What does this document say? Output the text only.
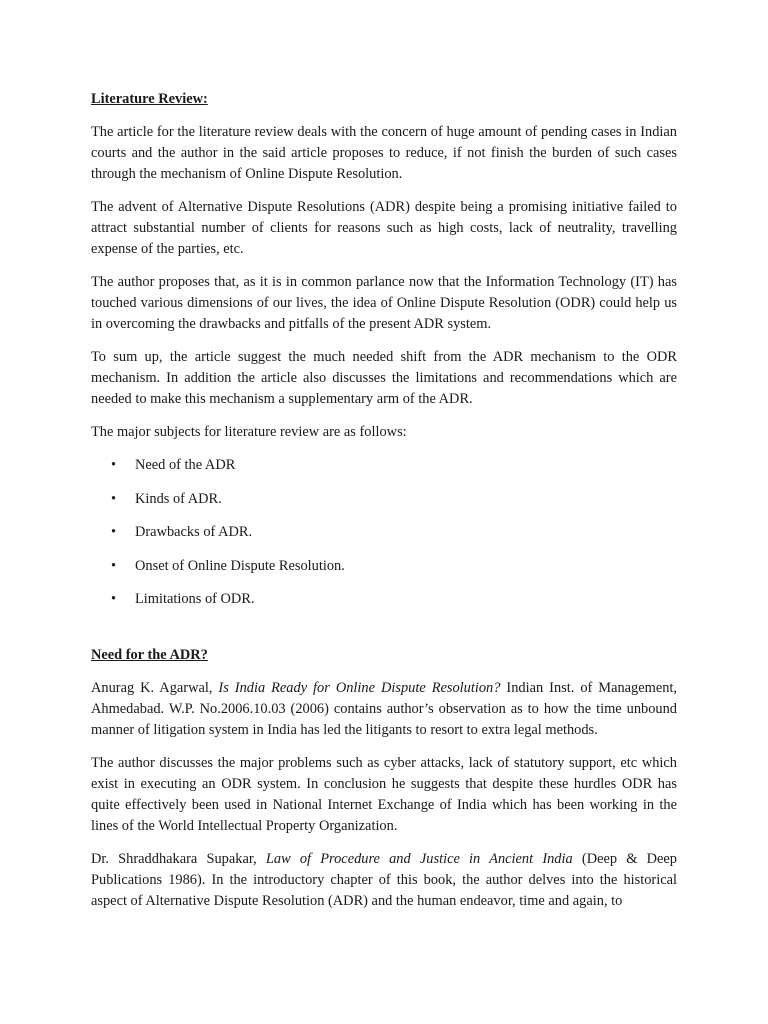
Literature Review:

The article for the literature review deals with the concern of huge amount of pending cases in Indian courts and the author in the said article proposes to reduce, if not finish the burden of such cases through the mechanism of Online Dispute Resolution.

The advent of Alternative Dispute Resolutions (ADR) despite being a promising initiative failed to attract substantial number of clients for reasons such as high costs, lack of neutrality, travelling expense of the parties, etc.

The author proposes that, as it is in common parlance now that the Information Technology (IT) has touched various dimensions of our lives, the idea of Online Dispute Resolution (ODR) could help us in overcoming the drawbacks and pitfalls of the present ADR system.

To sum up, the article suggest the much needed shift from the ADR mechanism to the ODR mechanism. In addition the article also discusses the limitations and recommendations which are needed to make this mechanism a supplementary arm of the ADR.

The major subjects for literature review are as follows:

• Need of the ADR
• Kinds of ADR.
• Drawbacks of ADR.
• Onset of Online Dispute Resolution.
• Limitations of ODR.

Need for the ADR?

Anurag K. Agarwal, Is India Ready for Online Dispute Resolution? Indian Inst. of Management, Ahmedabad. W.P. No.2006.10.03 (2006) contains author’s observation as to how the time unbound manner of litigation system in India has led the litigants to resort to extra legal methods.

The author discusses the major problems such as cyber attacks, lack of statutory support, etc which exist in executing an ODR system. In conclusion he suggests that despite these hurdles ODR has quite effectively been used in National Internet Exchange of India which has been working in the lines of the World Intellectual Property Organization.

Dr. Shraddhakara Supakar, Law of Procedure and Justice in Ancient India (Deep & Deep Publications 1986). In the introductory chapter of this book, the author delves into the historical aspect of Alternative Dispute Resolution (ADR) and the human endeavor, time and again, to
